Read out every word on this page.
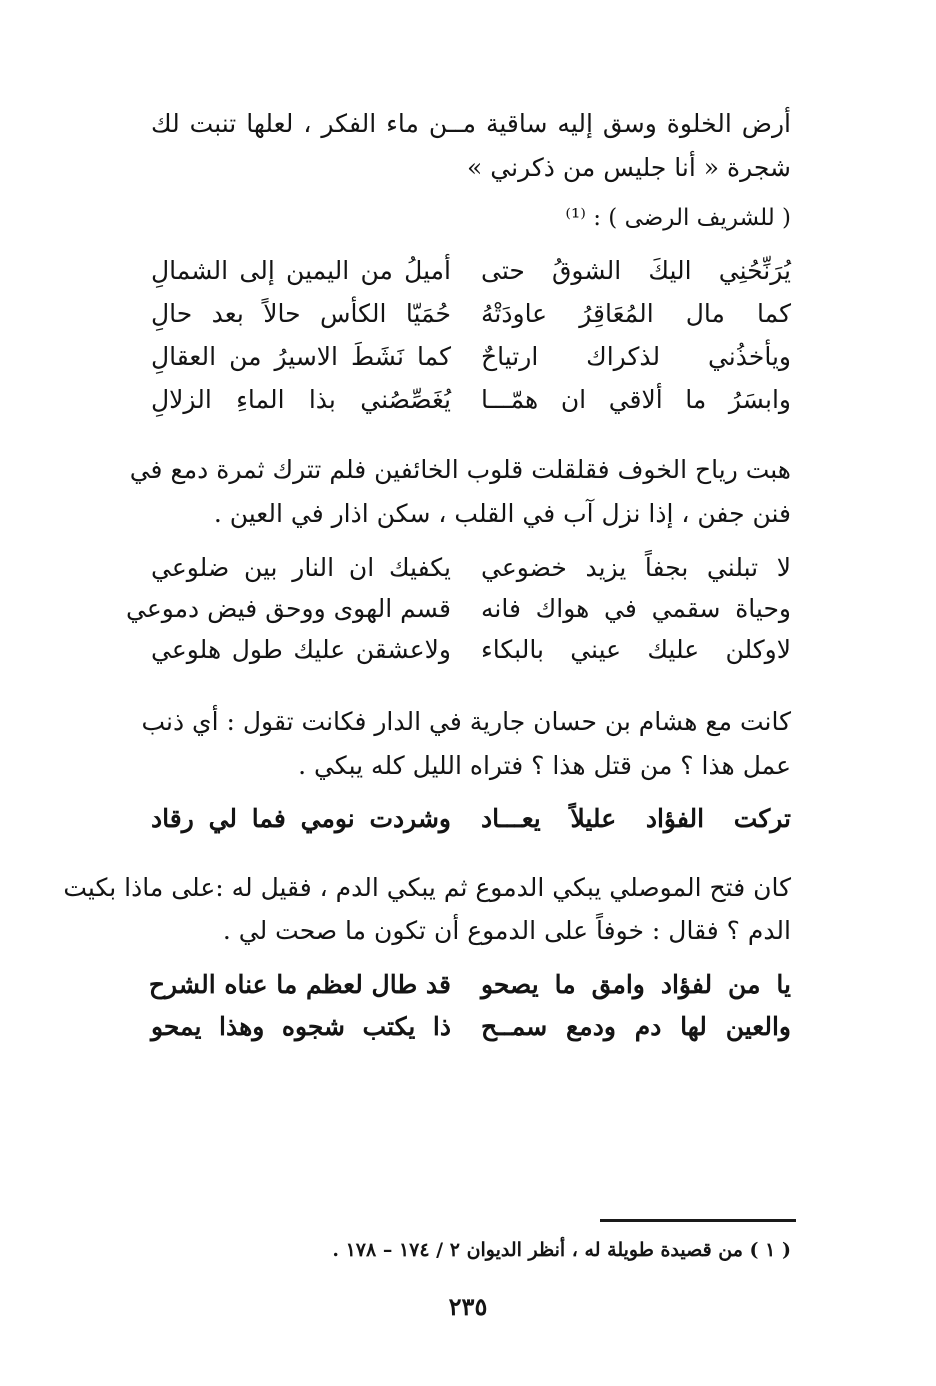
أرض الخلوة وسق إليه ساقية مــن ماء الفكر ، لعلها تنبت لك
شجرة « أنا جليس من ذكرني »
( للشريف الرضى ) : ⁽¹⁾
يُرَنِّحُنِي اليكَ الشوقُ حتى
أميلُ من اليمين إلى الشمالِ
كما مال المُعَاقِرُ عاودَتْهُ
حُمَيّا الكأس حالاً بعد حالِ
ويأخذُني لذكراك ارتياحٌ
كما نَشَطَ الاسيرُ من العقالِ
وابسَرُ ما ألاقي ان همّـــا
يُغَصِّصُني بذا الماءِ الزلالِ
هبت رياح الخوف فقلقلت قلوب الخائفين فلم تترك ثمرة دمع في
فنن جفن ، إذا نزل آب في القلب ، سكن اذار في العين .
لا تبلني بجفاً يزيد خضوعي
يكفيك ان النار بين ضلوعي
وحياة سقمي في هواك فانه
قسم الهوى ووحق فيض دموعي
لاوكلن عليك عيني بالبكاء
ولاعشقن عليك طول هلوعي
كانت مع هشام بن حسان جارية في الدار فكانت تقول : أي ذنب
عمل هذا ؟ من قتل هذا ؟ فتراه الليل كله يبكي .
تركت الفؤاد عليلاً يعـــاد
وشردت نومي فما لي رقاد
كان فتح الموصلي يبكي الدموع ثم يبكي الدم ، فقيل له :على ماذا بكيت
الدم ؟ فقال : خوفاً على الدموع أن تكون ما صحت لي .
يا من لفؤاد وامق ما يصحو
قد طال لعظم ما عناه الشرح
والعين لها دم ودمع سمــح
ذا يكتب شجوه وهذا يمحو
( ١ ) من قصيدة طويلة له ، أنظر الديوان ٢ / ١٧٤ – ١٧٨ .
٢٣٥
